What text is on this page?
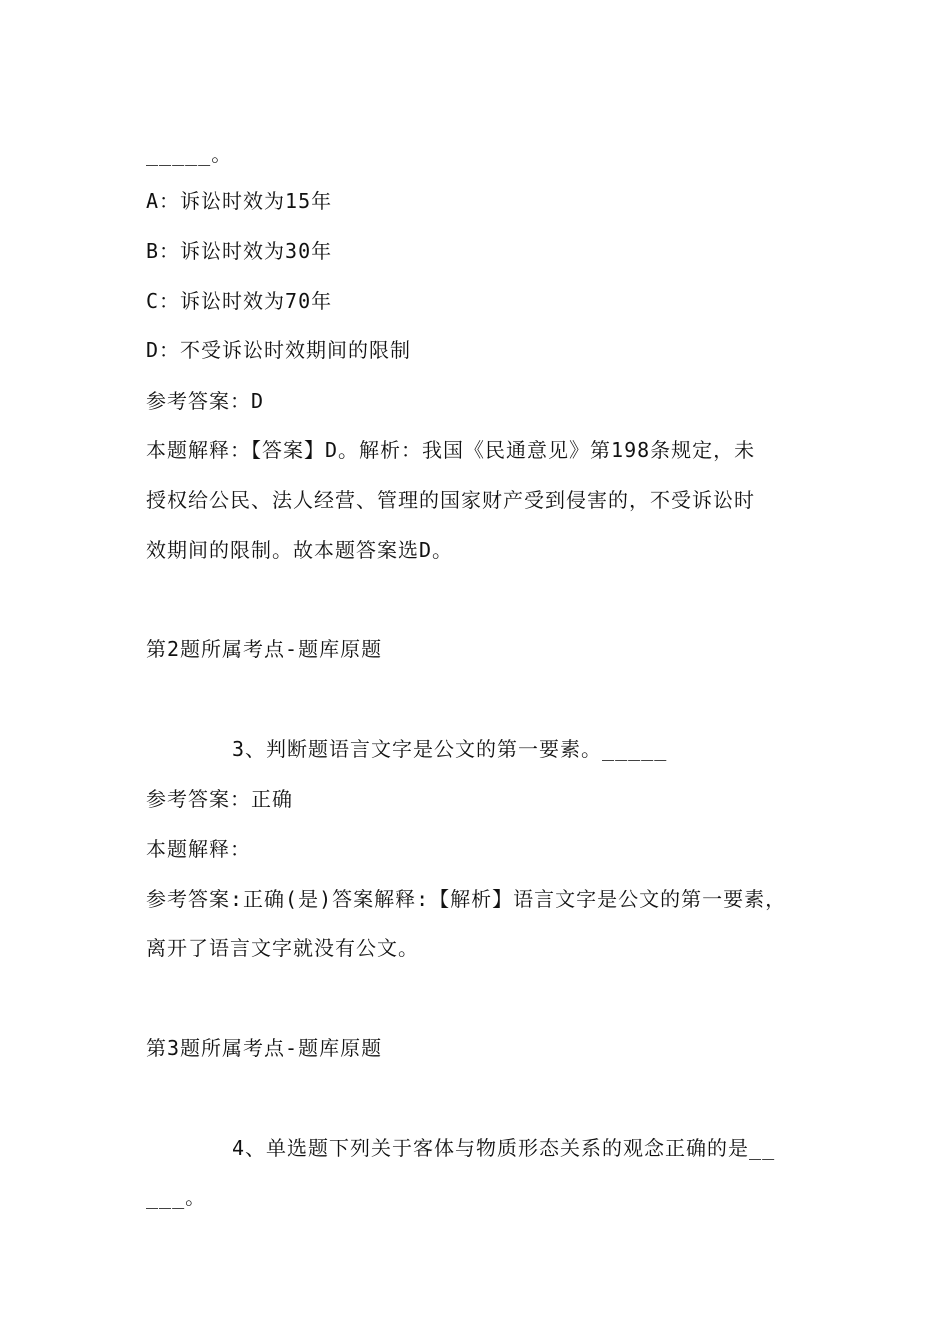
_____。
A：诉讼时效为15年
B：诉讼时效为30年
C：诉讼时效为70年
D：不受诉讼时效期间的限制
参考答案：D
本题解释：【答案】D。解析：我国《民通意见》第198条规定，未
授权给公民、法人经营、管理的国家财产受到侵害的，不受诉讼时
效期间的限制。故本题答案选D。
第2题所属考点-题库原题
3、判断题语言文字是公文的第一要素。_____
参考答案：正确
本题解释：
参考答案:正确(是)答案解释:【解析】语言文字是公文的第一要素，
离开了语言文字就没有公文。
第3题所属考点-题库原题
4、单选题下列关于客体与物质形态关系的观念正确的是__
___。
